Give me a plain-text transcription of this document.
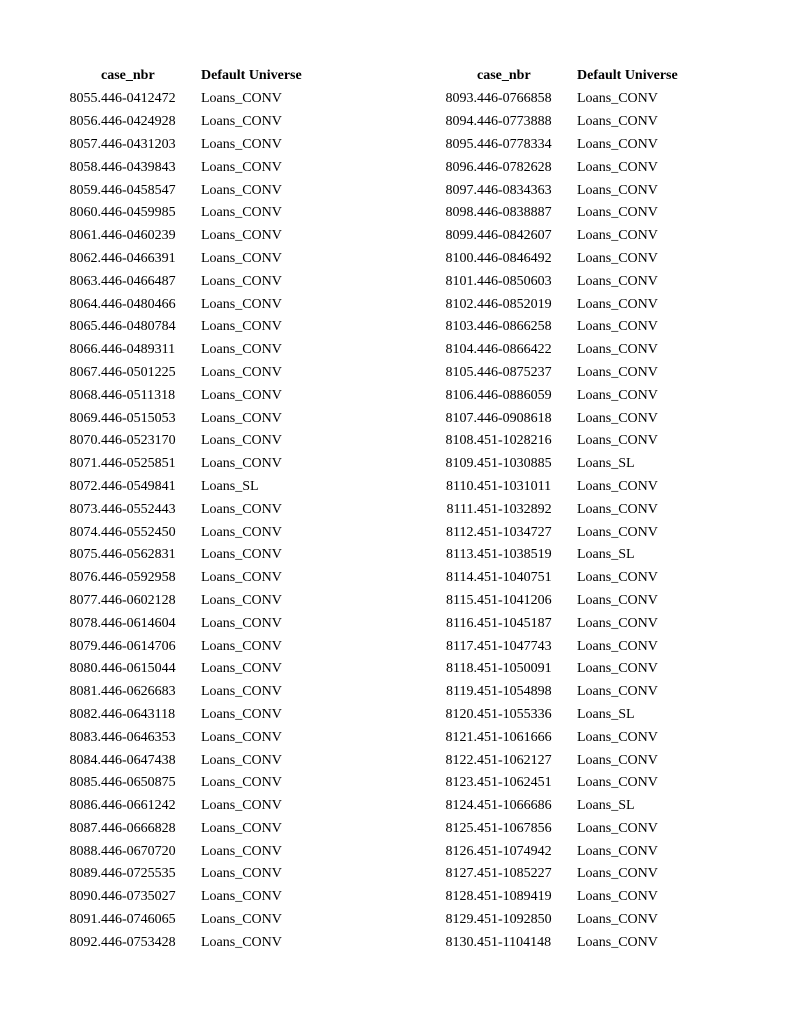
	case_nbr	Default Universe
8055.	446-0412472	Loans_CONV
8056.	446-0424928	Loans_CONV
8057.	446-0431203	Loans_CONV
8058.	446-0439843	Loans_CONV
8059.	446-0458547	Loans_CONV
8060.	446-0459985	Loans_CONV
8061.	446-0460239	Loans_CONV
8062.	446-0466391	Loans_CONV
8063.	446-0466487	Loans_CONV
8064.	446-0480466	Loans_CONV
8065.	446-0480784	Loans_CONV
8066.	446-0489311	Loans_CONV
8067.	446-0501225	Loans_CONV
8068.	446-0511318	Loans_CONV
8069.	446-0515053	Loans_CONV
8070.	446-0523170	Loans_CONV
8071.	446-0525851	Loans_CONV
8072.	446-0549841	Loans_SL
8073.	446-0552443	Loans_CONV
8074.	446-0552450	Loans_CONV
8075.	446-0562831	Loans_CONV
8076.	446-0592958	Loans_CONV
8077.	446-0602128	Loans_CONV
8078.	446-0614604	Loans_CONV
8079.	446-0614706	Loans_CONV
8080.	446-0615044	Loans_CONV
8081.	446-0626683	Loans_CONV
8082.	446-0643118	Loans_CONV
8083.	446-0646353	Loans_CONV
8084.	446-0647438	Loans_CONV
8085.	446-0650875	Loans_CONV
8086.	446-0661242	Loans_CONV
8087.	446-0666828	Loans_CONV
8088.	446-0670720	Loans_CONV
8089.	446-0725535	Loans_CONV
8090.	446-0735027	Loans_CONV
8091.	446-0746065	Loans_CONV
8092.	446-0753428	Loans_CONV
	case_nbr	Default Universe
8093.	446-0766858	Loans_CONV
8094.	446-0773888	Loans_CONV
8095.	446-0778334	Loans_CONV
8096.	446-0782628	Loans_CONV
8097.	446-0834363	Loans_CONV
8098.	446-0838887	Loans_CONV
8099.	446-0842607	Loans_CONV
8100.	446-0846492	Loans_CONV
8101.	446-0850603	Loans_CONV
8102.	446-0852019	Loans_CONV
8103.	446-0866258	Loans_CONV
8104.	446-0866422	Loans_CONV
8105.	446-0875237	Loans_CONV
8106.	446-0886059	Loans_CONV
8107.	446-0908618	Loans_CONV
8108.	451-1028216	Loans_CONV
8109.	451-1030885	Loans_SL
8110.	451-1031011	Loans_CONV
8111.	451-1032892	Loans_CONV
8112.	451-1034727	Loans_CONV
8113.	451-1038519	Loans_SL
8114.	451-1040751	Loans_CONV
8115.	451-1041206	Loans_CONV
8116.	451-1045187	Loans_CONV
8117.	451-1047743	Loans_CONV
8118.	451-1050091	Loans_CONV
8119.	451-1054898	Loans_CONV
8120.	451-1055336	Loans_SL
8121.	451-1061666	Loans_CONV
8122.	451-1062127	Loans_CONV
8123.	451-1062451	Loans_CONV
8124.	451-1066686	Loans_SL
8125.	451-1067856	Loans_CONV
8126.	451-1074942	Loans_CONV
8127.	451-1085227	Loans_CONV
8128.	451-1089419	Loans_CONV
8129.	451-1092850	Loans_CONV
8130.	451-1104148	Loans_CONV
